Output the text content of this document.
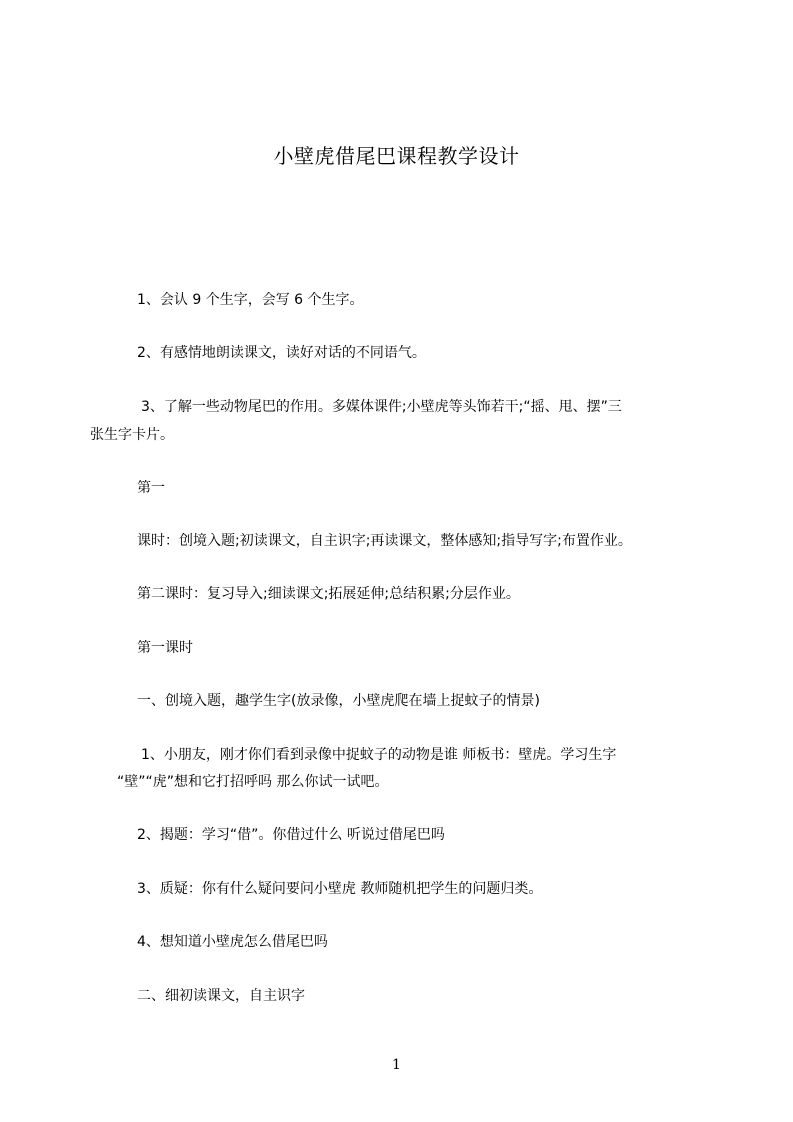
小壁虎借尾巴课程教学设计
1、会认 9 个生字，会写 6 个生字。
2、有感情地朗读课文，读好对话的不同语气。
3、了解一些动物尾巴的作用。多媒体课件;小壁虎等头饰若干;“摇、甩、摆”三
张生字卡片。
第一
课时：创境入题;初读课文，自主识字;再读课文，整体感知;指导写字;布置作业。
第二课时：复习导入;细读课文;拓展延伸;总结积累;分层作业。
第一课时
一、创境入题，趣学生字(放录像，小壁虎爬在墙上捉蚊子的情景)
1、小朋友，刚才你们看到录像中捉蚊子的动物是谁 师板书：壁虎。学习生字
“壁”“虎”想和它打招呼吗 那么你试一试吧。
2、揭题：学习“借”。你借过什么 听说过借尾巴吗
3、质疑：你有什么疑问要问小壁虎 教师随机把学生的问题归类。
4、想知道小壁虎怎么借尾巴吗
二、细初读课文，自主识字
1
